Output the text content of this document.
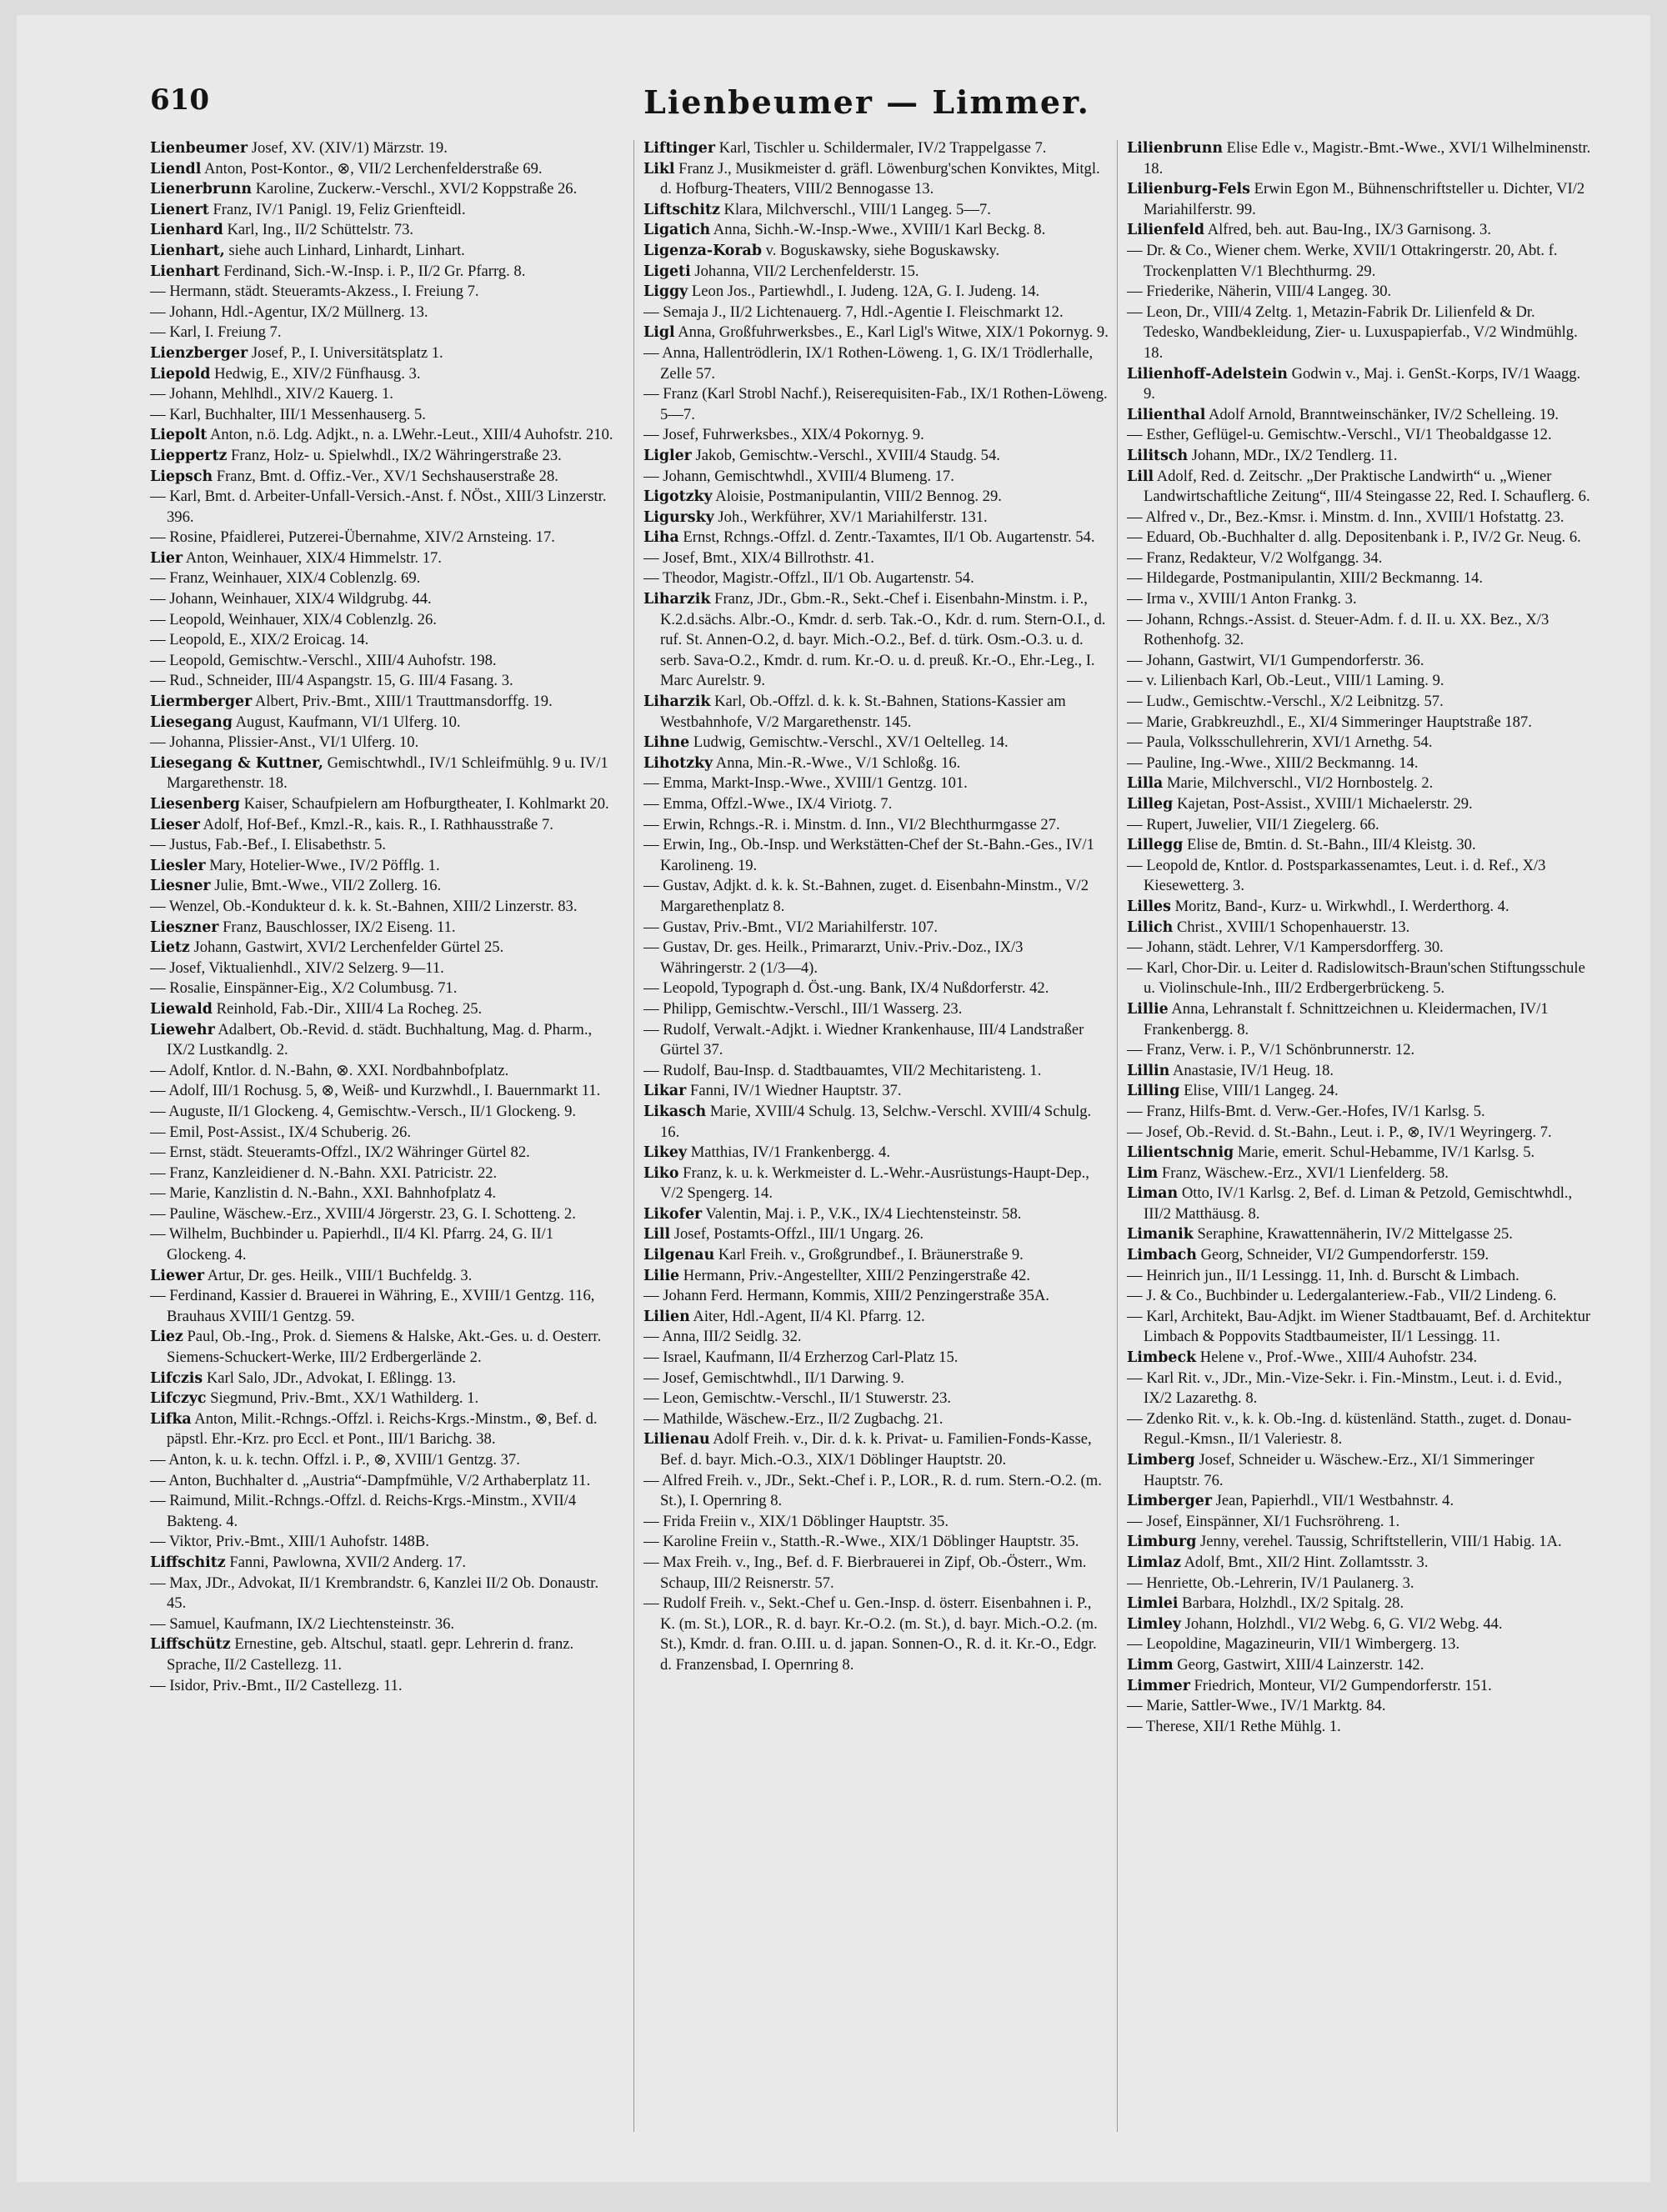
610	Lienbeumer — Limmer.

Lienbeumer Josef, XV. (XIV/1) Märzstr. 19.

Liendl Anton, Post-Kontor., ⊗, VII/2 Lerchenfelderstraße 69.

Lienerbrunn Karoline, Zuckerw.-Verschl., XVI/2 Koppstraße 26.

Lienert Franz, IV/1 Panigl. 19, Feliz Grienfteidl.

Lienhard Karl, Ing., II/2 Schüttelstr. 73.

Lienhart, siehe auch Linhard, Linhardt, Linhart.

Lienhart Ferdinand, Sich.-W.-Insp. i. P., II/2 Gr. Pfarrg. 8.

— Hermann, städt. Steueramts-Akzess., I. Freiung 7.

— Johann, Hdl.-Agentur, IX/2 Müllnerg. 13.

— Karl, I. Freiung 7.

Lienzberger Josef, P., I. Universitätsplatz 1.

Liepold Hedwig, E., XIV/2 Fünfhausg. 3.

— Johann, Mehlhdl., XIV/2 Kauerg. 1.

— Karl, Buchhalter, III/1 Messenhauserg. 5.

Liepolt Anton, n.ö. Ldg. Adjkt., n. a. LWehr.-Leut., XIII/4 Auhofstr. 210.

Lieppertz Franz, Holz- u. Spielwhdl., IX/2 Währingerstraße 23.

Liepsch Franz, Bmt. d. Offiz.-Ver., XV/1 Sechshauserstraße 28.

— Karl, Bmt. d. Arbeiter-Unfall-Versich.-Anst. f. NÖst., XIII/3 Linzerstr. 396.

— Rosine, Pfaidlerei, Putzerei-Übernahme, XIV/2 Arnsteing. 17.

Lier Anton, Weinhauer, XIX/4 Himmelstr. 17.

— Franz, Weinhauer, XIX/4 Coblenzlg. 69.

— Johann, Weinhauer, XIX/4 Wildgrubg. 44.

— Leopold, Weinhauer, XIX/4 Coblenzlg. 26.

— Leopold, E., XIX/2 Eroicag. 14.

— Leopold, Gemischtw.-Verschl., XIII/4 Auhofstr. 198.

— Rud., Schneider, III/4 Aspangstr. 15, G. III/4 Fasang. 3.

Liermberger Albert, Priv.-Bmt., XIII/1 Trauttmansdorffg. 19.

Liesegang August, Kaufmann, VI/1 Ulferg. 10.

— Johanna, Plissier-Anst., VI/1 Ulferg. 10.

Liesegang & Kuttner, Gemischtwhdl., IV/1 Schleifmühlg. 9 u. IV/1 Margarethenstr. 18.

Liesenberg Kaiser, Schaufpielern am Hofburgtheater, I. Kohlmarkt 20.

Lieser Adolf, Hof-Bef., Kmzl.-R., kais. R., I. Rathhausstraße 7.

— Justus, Fab.-Bef., I. Elisabethstr. 5.

Liesler Mary, Hotelier-Wwe., IV/2 Pöfflg. 1.

Liesner Julie, Bmt.-Wwe., VII/2 Zollerg. 16.

— Wenzel, Ob.-Kondukteur d. k. k. St.-Bahnen, XIII/2 Linzerstr. 83.

Lieszner Franz, Bauschlosser, IX/2 Eiseng. 11.

Lietz Johann, Gastwirt, XVI/2 Lerchenfelder Gürtel 25.

— Josef, Viktualienhdl., XIV/2 Selzerg. 9—11.

— Rosalie, Einspänner-Eig., X/2 Columbusg. 71.

Liewald Reinhold, Fab.-Dir., XIII/4 La Rocheg. 25.

Liewehr Adalbert, Ob.-Revid. d. städt. Buchhaltung, Mag. d. Pharm., IX/2 Lustkandlg. 2.

— Adolf, Kntlor. d. N.-Bahn, ⊗. XXI. Nordbahnbofplatz.

— Adolf, III/1 Rochusg. 5, ⊗, Weiß- und Kurzwhdl., I. Bauernmarkt 11.

— Auguste, II/1 Glockeng. 4, Gemischtw.-Versch., II/1 Glockeng. 9.

— Emil, Post-Assist., IX/4 Schuberig. 26.

— Ernst, städt. Steueramts-Offzl., IX/2 Währinger Gürtel 82.

— Franz, Kanzleidiener d. N.-Bahn. XXI. Patricistr. 22.

— Marie, Kanzlistin d. N.-Bahn., XXI. Bahnhofplatz 4.

— Pauline, Wäschew.-Erz., XVIII/4 Jörgerstr. 23, G. I. Schotteng. 2.

— Wilhelm, Buchbinder u. Papierhdl., II/4 Kl. Pfarrg. 24, G. II/1 Glockeng. 4.

Liewer Artur, Dr. ges. Heilk., VIII/1 Buchfeldg. 3.

— Ferdinand, Kassier d. Brauerei in Währing, E., XVIII/1 Gentzg. 116, Brauhaus XVIII/1 Gentzg. 59.

Liez Paul, Ob.-Ing., Prok. d. Siemens & Halske, Akt.-Ges. u. d. Oesterr. Siemens-Schuckert-Werke, III/2 Erdbergerlände 2.

Lifczis Karl Salo, JDr., Advokat, I. Eßlingg. 13.

Lifczyc Siegmund, Priv.-Bmt., XX/1 Wathilderg. 1.

Lifka Anton, Milit.-Rchngs.-Offzl. i. Reichs-Krgs.-Minstm., ⊗, Bef. d. päpstl. Ehr.-Krz. pro Eccl. et Pont., III/1 Barichg. 38.

— Anton, k. u. k. techn. Offzl. i. P., ⊗, XVIII/1 Gentzg. 37.

— Anton, Buchhalter d. „Austria“-Dampfmühle, V/2 Arthaberplatz 11.

— Raimund, Milit.-Rchngs.-Offzl. d. Reichs-Krgs.-Minstm., XVII/4 Bakteng. 4.

— Viktor, Priv.-Bmt., XIII/1 Auhofstr. 148B.

Liffschitz Fanni, Pawlowna, XVII/2 Anderg. 17.

— Max, JDr., Advokat, II/1 Krembrandstr. 6, Kanzlei II/2 Ob. Donaustr. 45.

— Samuel, Kaufmann, IX/2 Liechtensteinstr. 36.

Liffschütz Ernestine, geb. Altschul, staatl. gepr. Lehrerin d. franz. Sprache, II/2 Castellezg. 11.

— Isidor, Priv.-Bmt., II/2 Castellezg. 11.

Liftinger Karl, Tischler u. Schildermaler, IV/2 Trappelgasse 7.

Likl Franz J., Musikmeister d. gräfl. Löwenburg'schen Konviktes, Mitgl. d. Hofburg-Theaters, VIII/2 Bennogasse 13.

Liftschitz Klara, Milchverschl., VIII/1 Langeg. 5—7.

Ligatich Anna, Sichh.-W.-Insp.-Wwe., XVIII/1 Karl Beckg. 8.

Ligenza-Korab v. Boguskawsky, siehe Boguskawsky.

Ligeti Johanna, VII/2 Lerchenfelderstr. 15.

Liggy Leon Jos., Partiewhdl., I. Judeng. 12A, G. I. Judeng. 14.

— Semaja J., II/2 Lichtenauerg. 7, Hdl.-Agentie I. Fleischmarkt 12.

Ligl Anna, Großfuhrwerksbes., E., Karl Ligl's Witwe, XIX/1 Pokornyg. 9.

— Anna, Hallentrödlerin, IX/1 Rothen-Löweng. 1, G. IX/1 Trödlerhalle, Zelle 57.

— Franz (Karl Strobl Nachf.), Reiserequisiten-Fab., IX/1 Rothen-Löweng. 5—7.

— Josef, Fuhrwerksbes., XIX/4 Pokornyg. 9.

Ligler Jakob, Gemischtw.-Verschl., XVIII/4 Staudg. 54.

— Johann, Gemischtwhdl., XVIII/4 Blumeng. 17.

Ligotzky Aloisie, Postmanipulantin, VIII/2 Bennog. 29.

Ligursky Joh., Werkführer, XV/1 Mariahilferstr. 131.

Liha Ernst, Rchngs.-Offzl. d. Zentr.-Taxamtes, II/1 Ob. Augartenstr. 54.

— Josef, Bmt., XIX/4 Billrothstr. 41.

— Theodor, Magistr.-Offzl., II/1 Ob. Augartenstr. 54.

Liharzik Franz, JDr., Gbm.-R., Sekt.-Chef i. Eisenbahn-Minstm. i. P., K.2.d.sächs. Albr.-O., Kmdr. d. serb. Tak.-O., Kdr. d. rum. Stern-O.I., d. ruf. St. Annen-O.2, d. bayr. Mich.-O.2., Bef. d. türk. Osm.-O.3. u. d. serb. Sava-O.2., Kmdr. d. rum. Kr.-O. u. d. preuß. Kr.-O., Ehr.-Leg., I. Marc Aurelstr. 9.

Liharzik Karl, Ob.-Offzl. d. k. k. St.-Bahnen, Stations-Kassier am Westbahnhofe, V/2 Margarethenstr. 145.

Lihne Ludwig, Gemischtw.-Verschl., XV/1 Oeltelleg. 14.

Lihotzky Anna, Min.-R.-Wwe., V/1 Schloßg. 16.

— Emma, Markt-Insp.-Wwe., XVIII/1 Gentzg. 101.

— Emma, Offzl.-Wwe., IX/4 Viriotg. 7.

— Erwin, Rchngs.-R. i. Minstm. d. Inn., VI/2 Blechthurmgasse 27.

— Erwin, Ing., Ob.-Insp. und Werkstätten-Chef der St.-Bahn.-Ges., IV/1 Karolineng. 19.

— Gustav, Adjkt. d. k. k. St.-Bahnen, zuget. d. Eisenbahn-Minstm., V/2 Margarethenplatz 8.

— Gustav, Priv.-Bmt., VI/2 Mariahilferstr. 107.

— Gustav, Dr. ges. Heilk., Primararzt, Univ.-Priv.-Doz., IX/3 Währingerstr. 2 (1/3—4).

— Leopold, Typograph d. Öst.-ung. Bank, IX/4 Nußdorferstr. 42.

— Philipp, Gemischtw.-Verschl., III/1 Wasserg. 23.

— Rudolf, Verwalt.-Adjkt. i. Wiedner Krankenhause, III/4 Landstraßer Gürtel 37.

— Rudolf, Bau-Insp. d. Stadtbauamtes, VII/2 Mechitaristeng. 1.

Likar Fanni, IV/1 Wiedner Hauptstr. 37.

Likasch Marie, XVIII/4 Schulg. 13, Selchw.-Verschl. XVIII/4 Schulg. 16.

Likey Matthias, IV/1 Frankenbergg. 4.

Liko Franz, k. u. k. Werkmeister d. L.-Wehr.-Ausrüstungs-Haupt-Dep., V/2 Spengerg. 14.

Likofer Valentin, Maj. i. P., V.K., IX/4 Liechtensteinstr. 58.

Lill Josef, Postamts-Offzl., III/1 Ungarg. 26.

Lilgenau Karl Freih. v., Großgrundbef., I. Bräunerstraße 9.

Lilie Hermann, Priv.-Angestellter, XIII/2 Penzingerstraße 42.

— Johann Ferd. Hermann, Kommis, XIII/2 Penzingerstraße 35A.

Lilien Aiter, Hdl.-Agent, II/4 Kl. Pfarrg. 12.

— Anna, III/2 Seidlg. 32.

— Israel, Kaufmann, II/4 Erzherzog Carl-Platz 15.

— Josef, Gemischtwhdl., II/1 Darwing. 9.

— Leon, Gemischtw.-Verschl., II/1 Stuwerstr. 23.

— Mathilde, Wäschew.-Erz., II/2 Zugbachg. 21.

Lilienau Adolf Freih. v., Dir. d. k. k. Privat- u. Familien-Fonds-Kasse, Bef. d. bayr. Mich.-O.3., XIX/1 Döblinger Hauptstr. 20.

— Alfred Freih. v., JDr., Sekt.-Chef i. P., LOR., R. d. rum. Stern.-O.2. (m. St.), I. Opernring 8.

— Frida Freiin v., XIX/1 Döblinger Hauptstr. 35.

— Karoline Freiin v., Statth.-R.-Wwe., XIX/1 Döblinger Hauptstr. 35.

— Max Freih. v., Ing., Bef. d. F. Bierbrauerei in Zipf, Ob.-Österr., Wm. Schaup, III/2 Reisnerstr. 57.

— Rudolf Freih. v., Sekt.-Chef u. Gen.-Insp. d. österr. Eisenbahnen i. P., K. (m. St.), LOR., R. d. bayr. Kr.-O.2. (m. St.), d. bayr. Mich.-O.2. (m. St.), Kmdr. d. fran. O.III. u. d. japan. Sonnen-O., R. d. it. Kr.-O., Edgr. d. Franzensbad, I. Opernring 8.

Lilienbrunn Elise Edle v., Magistr.-Bmt.-Wwe., XVI/1 Wilhelminenstr. 18.

Lilienburg-Fels Erwin Egon M., Bühnenschriftsteller u. Dichter, VI/2 Mariahilferstr. 99.

Lilienfeld Alfred, beh. aut. Bau-Ing., IX/3 Garnisong. 3.

— Dr. & Co., Wiener chem. Werke, XVII/1 Ottakringerstr. 20, Abt. f. Trockenplatten V/1 Blechthurmg. 29.

— Friederike, Näherin, VIII/4 Langeg. 30.

— Leon, Dr., VIII/4 Zeltg. 1, Metazin-Fabrik Dr. Lilienfeld & Dr. Tedesko, Wandbekleidung, Zier- u. Luxuspapierfab., V/2 Windmühlg. 18.

Lilienhoff-Adelstein Godwin v., Maj. i. GenSt.-Korps, IV/1 Waagg. 9.

Lilienthal Adolf Arnold, Branntweinschänker, IV/2 Schelleing. 19.

— Esther, Geflügel-u. Gemischtw.-Verschl., VI/1 Theobaldgasse 12.

Lilitsch Johann, MDr., IX/2 Tendlerg. 11.

Lill Adolf, Red. d. Zeitschr. „Der Praktische Landwirth“ u. „Wiener Landwirtschaftliche Zeitung“, III/4 Steingasse 22, Red. I. Schauflerg. 6.

— Alfred v., Dr., Bez.-Kmsr. i. Minstm. d. Inn., XVIII/1 Hofstattg. 23.

— Eduard, Ob.-Buchhalter d. allg. Depositenbank i. P., IV/2 Gr. Neug. 6.

— Franz, Redakteur, V/2 Wolfgangg. 34.

— Hildegarde, Postmanipulantin, XIII/2 Beckmanng. 14.

— Irma v., XVIII/1 Anton Frankg. 3.

— Johann, Rchngs.-Assist. d. Steuer-Adm. f. d. II. u. XX. Bez., X/3 Rothenhofg. 32.

— Johann, Gastwirt, VI/1 Gumpendorferstr. 36.

— v. Lilienbach Karl, Ob.-Leut., VIII/1 Laming. 9.

— Ludw., Gemischtw.-Verschl., X/2 Leibnitzg. 57.

— Marie, Grabkreuzhdl., E., XI/4 Simmeringer Hauptstraße 187.

— Paula, Volksschullehrerin, XVI/1 Arnethg. 54.

— Pauline, Ing.-Wwe., XIII/2 Beckmanng. 14.

Lilla Marie, Milchverschl., VI/2 Hornbostelg. 2.

Lilleg Kajetan, Post-Assist., XVIII/1 Michaelerstr. 29.

— Rupert, Juwelier, VII/1 Ziegelerg. 66.

Lillegg Elise de, Bmtin. d. St.-Bahn., III/4 Kleistg. 30.

— Leopold de, Kntlor. d. Postsparkassenamtes, Leut. i. d. Ref., X/3 Kiesewetterg. 3.

Lilles Moritz, Band-, Kurz- u. Wirkwhdl., I. Werderthorg. 4.

Lilich Christ., XVIII/1 Schopenhauerstr. 13.

— Johann, städt. Lehrer, V/1 Kampersdorfferg. 30.

— Karl, Chor-Dir. u. Leiter d. Radislowitsch-Braun'schen Stiftungsschule u. Violinschule-Inh., III/2 Erdbergerbrückeng. 5.

Lillie Anna, Lehranstalt f. Schnittzeichnen u. Kleidermachen, IV/1 Frankenbergg. 8.

— Franz, Verw. i. P., V/1 Schönbrunnerstr. 12.

Lillin Anastasie, IV/1 Heug. 18.

Lilling Elise, VIII/1 Langeg. 24.

— Franz, Hilfs-Bmt. d. Verw.-Ger.-Hofes, IV/1 Karlsg. 5.

— Josef, Ob.-Revid. d. St.-Bahn., Leut. i. P., ⊗, IV/1 Weyringerg. 7.

Lilientschnig Marie, emerit. Schul-Hebamme, IV/1 Karlsg. 5.

Lim Franz, Wäschew.-Erz., XVI/1 Lienfelderg. 58.

Liman Otto, IV/1 Karlsg. 2, Bef. d. Liman & Petzold, Gemischtwhdl., III/2 Matthäusg. 8.

Limanik Seraphine, Krawattennäherin, IV/2 Mittelgasse 25.

Limbach Georg, Schneider, VI/2 Gumpendorferstr. 159.

— Heinrich jun., II/1 Lessingg. 11, Inh. d. Burscht & Limbach.

— J. & Co., Buchbinder u. Ledergalanteriew.-Fab., VII/2 Lindeng. 6.

— Karl, Architekt, Bau-Adjkt. im Wiener Stadtbauamt, Bef. d. Architektur Limbach & Poppovits Stadtbaumeister, II/1 Lessingg. 11.

Limbeck Helene v., Prof.-Wwe., XIII/4 Auhofstr. 234.

— Karl Rit. v., JDr., Min.-Vize-Sekr. i. Fin.-Minstm., Leut. i. d. Evid., IX/2 Lazarethg. 8.

— Zdenko Rit. v., k. k. Ob.-Ing. d. küstenländ. Statth., zuget. d. Donau-Regul.-Kmsn., II/1 Valeriestr. 8.

Limberg Josef, Schneider u. Wäschew.-Erz., XI/1 Simmeringer Hauptstr. 76.

Limberger Jean, Papierhdl., VII/1 Westbahnstr. 4.

— Josef, Einspänner, XI/1 Fuchsröhreng. 1.

Limburg Jenny, verehel. Taussig, Schriftstellerin, VIII/1 Habig. 1A.

Limlaz Adolf, Bmt., XII/2 Hint. Zollamtsstr. 3.

— Henriette, Ob.-Lehrerin, IV/1 Paulanerg. 3.

Limlei Barbara, Holzhdl., IX/2 Spitalg. 28.

Limley Johann, Holzhdl., VI/2 Webg. 6, G. VI/2 Webg. 44.

— Leopoldine, Magazineurin, VII/1 Wimbergerg. 13.

Limm Georg, Gastwirt, XIII/4 Lainzerstr. 142.

Limmer Friedrich, Monteur, VI/2 Gumpendorferstr. 151.

— Marie, Sattler-Wwe., IV/1 Marktg. 84.

— Therese, XII/1 Rethe Mühlg. 1.
